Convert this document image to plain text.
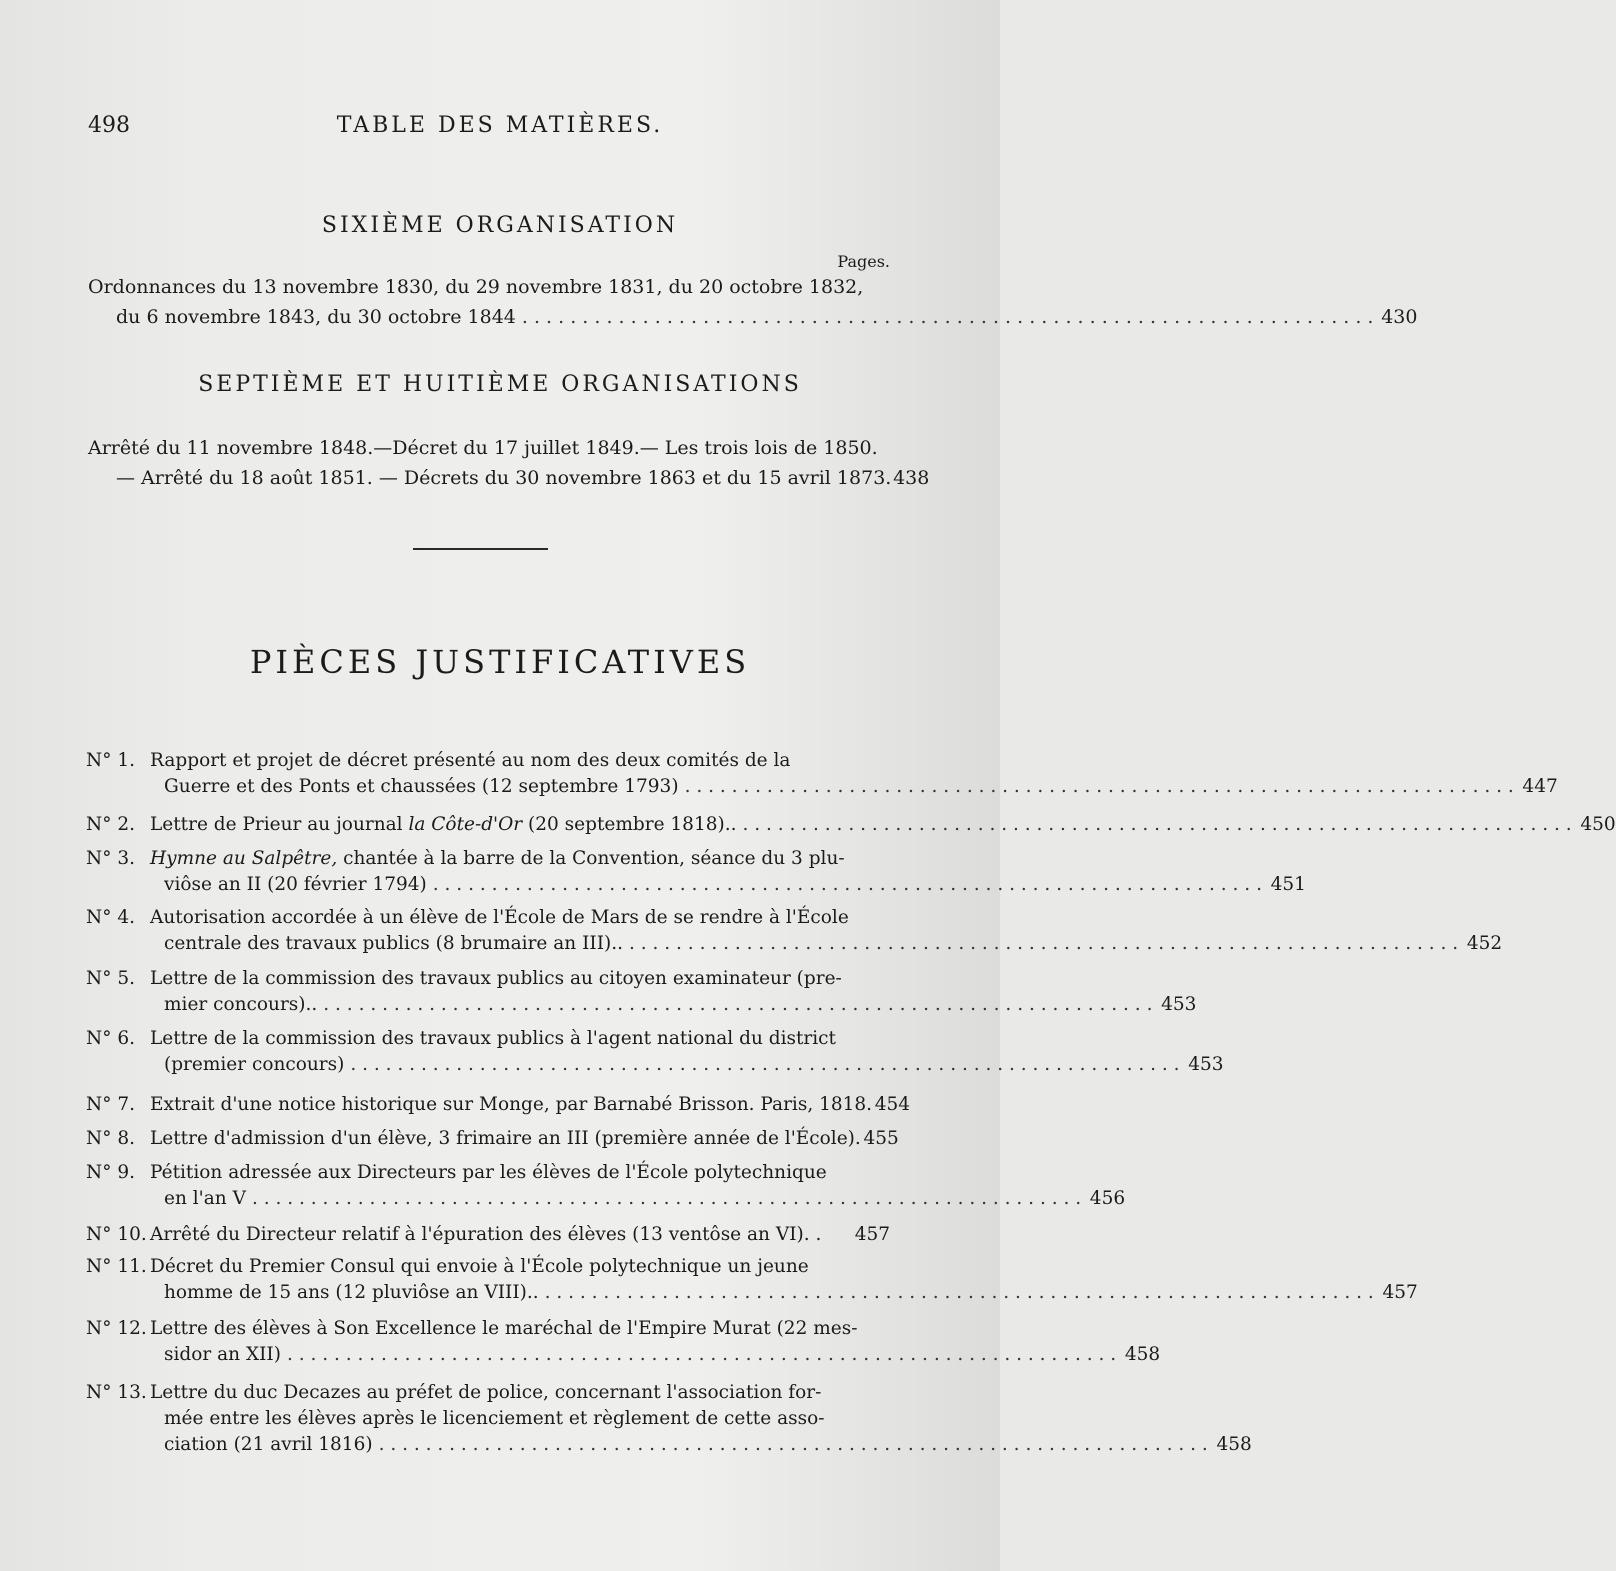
498	TABLE DES MATIÈRES.
SIXIÈME ORGANISATION
Pages.
Ordonnances du 13 novembre 1830, du 29 novembre 1831, du 20 octobre 1832,
du 6 novembre 1843, du 30 octobre 1844 . . .	430
SEPTIÈME ET HUITIÈME ORGANISATIONS
Arrêté du 11 novembre 1848.—Décret du 17 juillet 1849.— Les trois lois de 1850.
— Arrêté du 18 août 1851. — Décrets du 30 novembre 1863 et du 15 avril 1873. 438
PIÈCES JUSTIFICATIVES
N° 1. Rapport et projet de décret présenté au nom des deux comités de la
Guerre et des Ponts et chaussées (12 septembre 1793) . . .	447
N° 2. Lettre de Prieur au journal la Côte-d'Or (20 septembre 1818).. . . .	450
N° 3. Hymne au Salpêtre, chantée à la barre de la Convention, séance du 3 plu-
viôse an II (20 février 1794) . . .	451
N° 4. Autorisation accordée à un élève de l'École de Mars de se rendre à l'École
centrale des travaux publics (8 brumaire an III).. . . .	452
N° 5. Lettre de la commission des travaux publics au citoyen examinateur (pre-
mier concours).. . . .	453
N° 6. Lettre de la commission des travaux publics à l'agent national du district
(premier concours) . . .	453
N° 7. Extrait d'une notice historique sur Monge, par Barnabé Brisson. Paris, 1818. 454
N° 8. Lettre d'admission d'un élève, 3 frimaire an III (première année de l'École). 455
N° 9. Pétition adressée aux Directeurs par les élèves de l'École polytechnique
en l'an V . . .	456
N° 10. Arrêté du Directeur relatif à l'épuration des élèves (13 ventôse an VI). . 457
N° 11. Décret du Premier Consul qui envoie à l'École polytechnique un jeune
homme de 15 ans (12 pluviôse an VIII).. . . .	457
N° 12. Lettre des élèves à Son Excellence le maréchal de l'Empire Murat (22 mes-
sidor an XII) . . .	458
N° 13. Lettre du duc Decazes au préfet de police, concernant l'association for-
mée entre les élèves après le licenciement et règlement de cette asso-
ciation (21 avril 1816) . . .	458
